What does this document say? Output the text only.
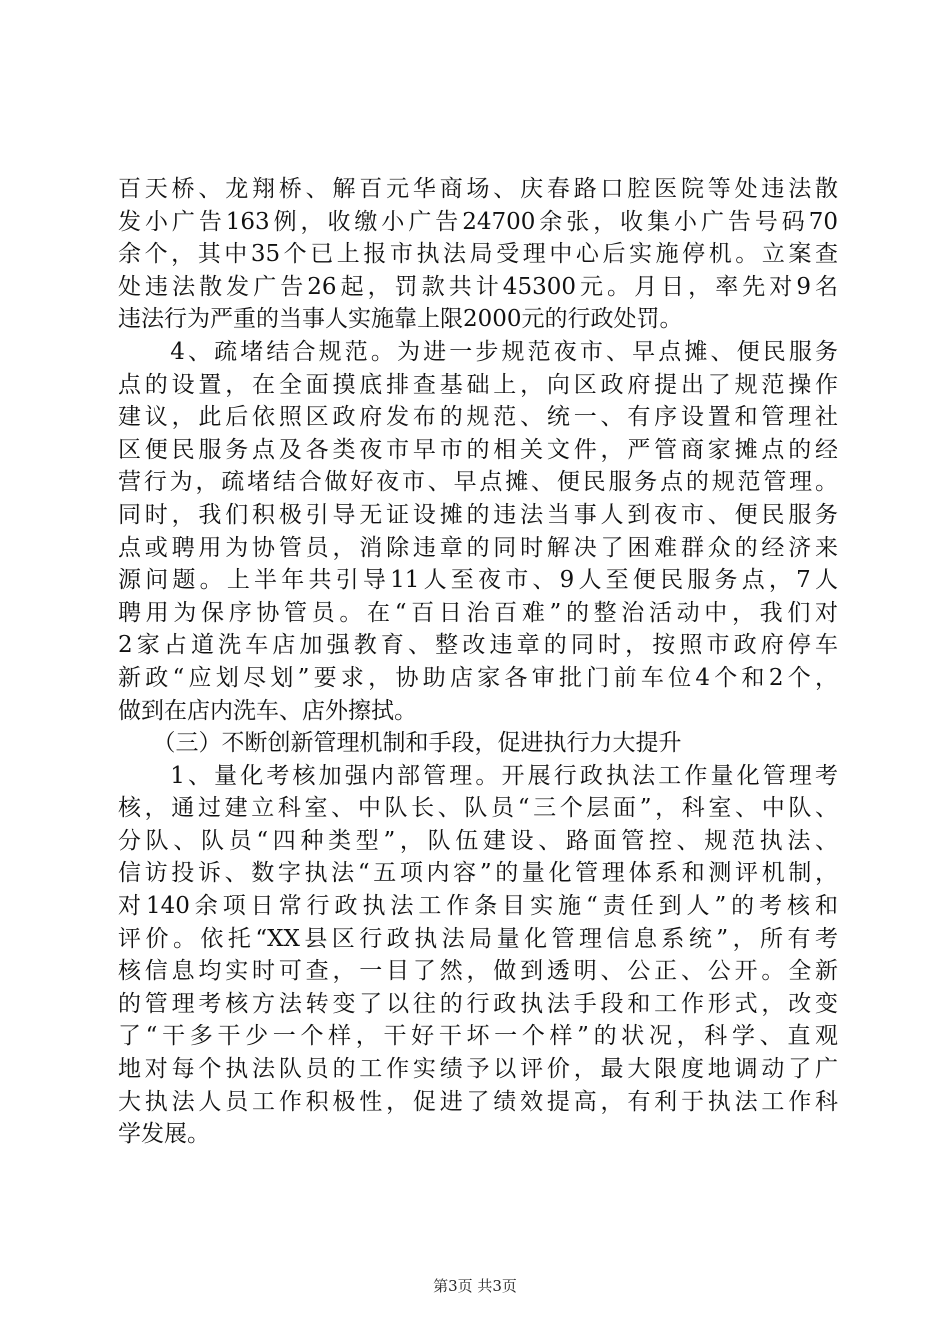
百天桥、龙翔桥、解百元华商场、庆春路口腔医院等处违法散
发小广告163例，收缴小广告24700余张，收集小广告号码70
余个，其中35个已上报市执法局受理中心后实施停机。立案查
处违法散发广告26起，罚款共计45300元。月日，率先对9名
违法行为严重的当事人实施靠上限2000元的行政处罚。
　　4、疏堵结合规范。为进一步规范夜市、早点摊、便民服务
点的设置，在全面摸底排查基础上，向区政府提出了规范操作
建议，此后依照区政府发布的规范、统一、有序设置和管理社
区便民服务点及各类夜市早市的相关文件，严管商家摊点的经
营行为，疏堵结合做好夜市、早点摊、便民服务点的规范管理。
同时，我们积极引导无证设摊的违法当事人到夜市、便民服务
点或聘用为协管员，消除违章的同时解决了困难群众的经济来
源问题。上半年共引导11人至夜市、9人至便民服务点，7人
聘用为保序协管员。在“百日治百难”的整治活动中，我们对
2家占道洗车店加强教育、整改违章的同时，按照市政府停车
新政“应划尽划”要求，协助店家各审批门前车位4个和2个，
做到在店内洗车、店外擦拭。
　　（三）不断创新管理机制和手段，促进执行力大提升
　　1、量化考核加强内部管理。开展行政执法工作量化管理考
核，通过建立科室、中队长、队员“三个层面”，科室、中队、
分队、队员“四种类型”，队伍建设、路面管控、规范执法、
信访投诉、数字执法“五项内容”的量化管理体系和测评机制，
对140余项日常行政执法工作条目实施“责任到人”的考核和
评价。依托“XX县区行政执法局量化管理信息系统”，所有考
核信息均实时可查，一目了然，做到透明、公正、公开。全新
的管理考核方法转变了以往的行政执法手段和工作形式，改变
了“干多干少一个样，干好干坏一个样”的状况，科学、直观
地对每个执法队员的工作实绩予以评价，最大限度地调动了广
大执法人员工作积极性，促进了绩效提高，有利于执法工作科
学发展。
第3页 共3页
